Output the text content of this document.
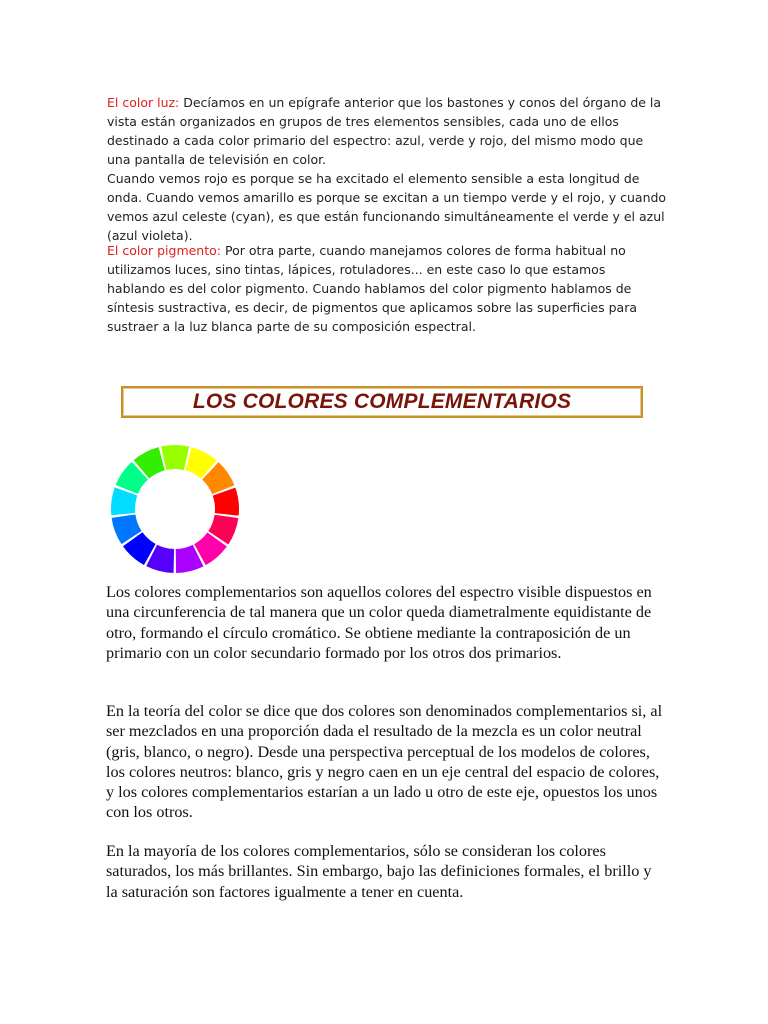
El color luz: Decíamos en un epígrafe anterior que los bastones y conos del órgano de la vista están organizados en grupos de tres elementos sensibles, cada uno de ellos destinado a cada color primario del espectro: azul, verde y rojo, del mismo modo que una pantalla de televisión en color.
Cuando vemos rojo es porque se ha excitado el elemento sensible a esta longitud de onda. Cuando vemos amarillo es porque se excitan a un tiempo verde y el rojo, y cuando vemos azul celeste (cyan), es que están funcionando simultáneamente el verde y el azul (azul violeta).
El color pigmento: Por otra parte, cuando manejamos colores de forma habitual no utilizamos luces, sino tintas, lápices, rotuladores... en este caso lo que estamos hablando es del color pigmento. Cuando hablamos del color pigmento hablamos de síntesis sustractiva, es decir, de pigmentos que aplicamos sobre las superficies para sustraer a la luz blanca parte de su composición espectral.
LOS COLORES COMPLEMENTARIOS

Los colores complementarios son aquellos colores del espectro visible dispuestos en una circunferencia de tal manera que un color queda diametralmente equidistante de otro, formando el círculo cromático. Se obtiene mediante la contraposición de un primario con un color secundario formado por los otros dos primarios.

En la teoría del color se dice que dos colores son denominados complementarios si, al ser mezclados en una proporción dada el resultado de la mezcla es un color neutral (gris, blanco, o negro). Desde una perspectiva perceptual de los modelos de colores, los colores neutros: blanco, gris y negro caen en un eje central del espacio de colores, y los colores complementarios estarían a un lado u otro de este eje, opuestos los unos con los otros.

En la mayoría de los colores complementarios, sólo se consideran los colores saturados, los más brillantes. Sin embargo, bajo las definiciones formales, el brillo y la saturación son factores igualmente a tener en cuenta.
